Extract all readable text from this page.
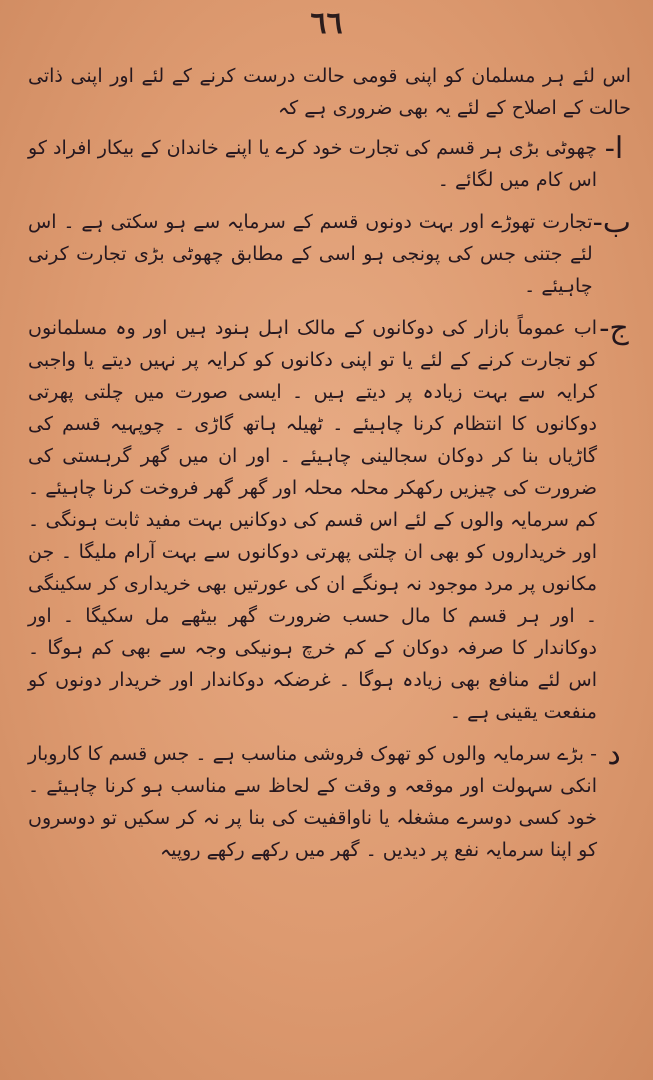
٦٦

اس لئے ہر مسلمان کو اپنی قومی حالت درست کرنے کے لئے اور اپنی ذاتی حالت کے اصلاح کے لئے یہ بھی ضروری ہے کہ

ا-
چھوٹی بڑی ہر قسم کی تجارت خود کرے یا اپنے خاندان کے بیکار افراد کو اس کام میں لگائے ۔
ب-
تجارت تھوڑے اور بہت دونوں قسم کے سرمایہ سے ہو سکتی ہے ۔ اس لئے جتنی جس کی پونجی ہو اسی کے مطابق چھوٹی بڑی تجارت کرنی چاہیئے ۔
ج-
اب عموماً بازار کی دوکانوں کے مالک اہل ہنود ہیں اور وہ مسلمانوں کو تجارت کرنے کے لئے یا تو اپنی دکانوں کو کرایہ پر نہیں دیتے یا واجبی کرایہ سے بہت زیادہ پر دیتے ہیں ۔ ایسی صورت میں چلتی پھرتی دوکانوں کا انتظام کرنا چاہیئے ۔ ٹھیلہ ہاتھ گاڑی ۔ چوپہیہ قسم کی گاڑیاں بنا کر دوکان سجالینی چاہیئے ۔ اور ان میں گھر گرہستی کی ضرورت کی چیزیں رکھکر محلہ محلہ اور گھر گھر فروخت کرنا چاہیئے ۔ کم سرمایہ والوں کے لئے اس قسم کی دوکانیں بہت مفید ثابت ہونگی ۔ اور خریداروں کو بھی ان چلتی پھرتی دوکانوں سے بہت آرام ملیگا ۔ جن مکانوں پر مرد موجود نہ ہونگے ان کی عورتیں بھی خریداری کر سکینگی ۔ اور ہر قسم کا مال حسب ضرورت گھر بیٹھے مل سکیگا ۔ اور دوکاندار کا صرفہ دوکان کے کم خرچ ہونیکی وجہ سے بھی کم ہوگا ۔ اس لئے منافع بھی زیادہ ہوگا ۔ غرضکہ دوکاندار اور خریدار دونوں کو منفعت یقینی ہے ۔
د
- بڑے سرمایہ والوں کو تھوک فروشی مناسب ہے ۔ جس قسم کا کاروبار انکی سہولت اور موقعہ و وقت کے لحاظ سے مناسب ہو کرنا چاہیئے ۔ خود کسی دوسرے مشغلہ یا ناواقفیت کی بنا پر نہ کر سکیں تو دوسروں کو اپنا سرمایہ نفع پر دیدیں ۔ گھر میں رکھے رکھے روپیہ
